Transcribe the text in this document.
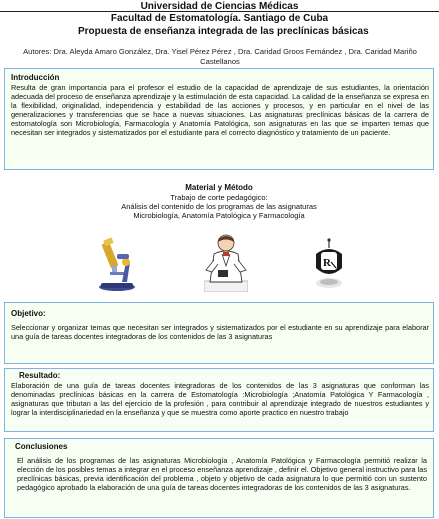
Universidad de Ciencias Médicas
Facultad de Estomatología. Santiago de Cuba
Propuesta de enseñanza integrada de las preclínicas básicas
Autores: Dra. Aleyda Amaro González, Dra. Yisel Pérez Pérez , Dra. Caridad Groos Fernández , Dra. Caridad Mariño Castellanos
Introducción
Resulta de gran importancia para el profesor el estudio de la capacidad de aprendizaje de sus estudiantes, la orientación adecuada del proceso de enseñanza aprendizaje y la estimulación de esta capacidad. La calidad de la enseñanza se expresa en la flexibilidad, originalidad, independencia y estabilidad de las acciones y procesos, y en particular en el nivel de las generalizaciones y transferencias que se hace a nuevas situaciones. Las asignaturas preclínicas básicas de la carrera de estomatología son Microbiología, Farmacología y Anatomía Patológica, son asignaturas en las que se imparten temas que necesitan ser integrados y sistematizados por el estudiante para el correcto diagnóstico y tratamiento de un paciente.
Material y Método
Trabajo de corte pedagógico:
Análisis del contenido de los programas de las asignaturas
Microbiología, Anatomía Patológica y Farmacología
R
Objetivo:
Seleccionar y organizar temas que necesitan ser integrados y sistematizados por el estudiante en su aprendizaje para elaborar una guía de tareas docentes integradoras de los contenidos de las 3 asignaturas
Resultado:
Elaboración de una guía de tareas docentes integradoras de los contenidos de las 3 asignaturas que conforman las denominadas preclínicas básicas en la carrera de Estomatología :Microbiología ;Anatomía Patológica Y Farmacología , asignaturas que tributan a las del ejercicio de la profesión , para contribuir al aprendizaje integrado de nuestros estudiantes y lograr la interdisciplinariedad en la enseñanza y que se muestra como aporte practico en nuestro trabajo
Conclusiones
El análisis de los programas de las asignaturas Microbiología , Anatomía Patológica y Farmacología permitió realizar la elección de los posibles temas a integrar en el proceso enseñanza aprendizaje , definir el. Objetivo general instructivo para las preclínicas básicas, previa identificación del problema , objeto y objetivo de cada asignatura lo que permitió con un sustento pedagógico aprobado la elaboración de una guía de tareas docentes integradoras de los contenidos de las 3 asignaturas.
